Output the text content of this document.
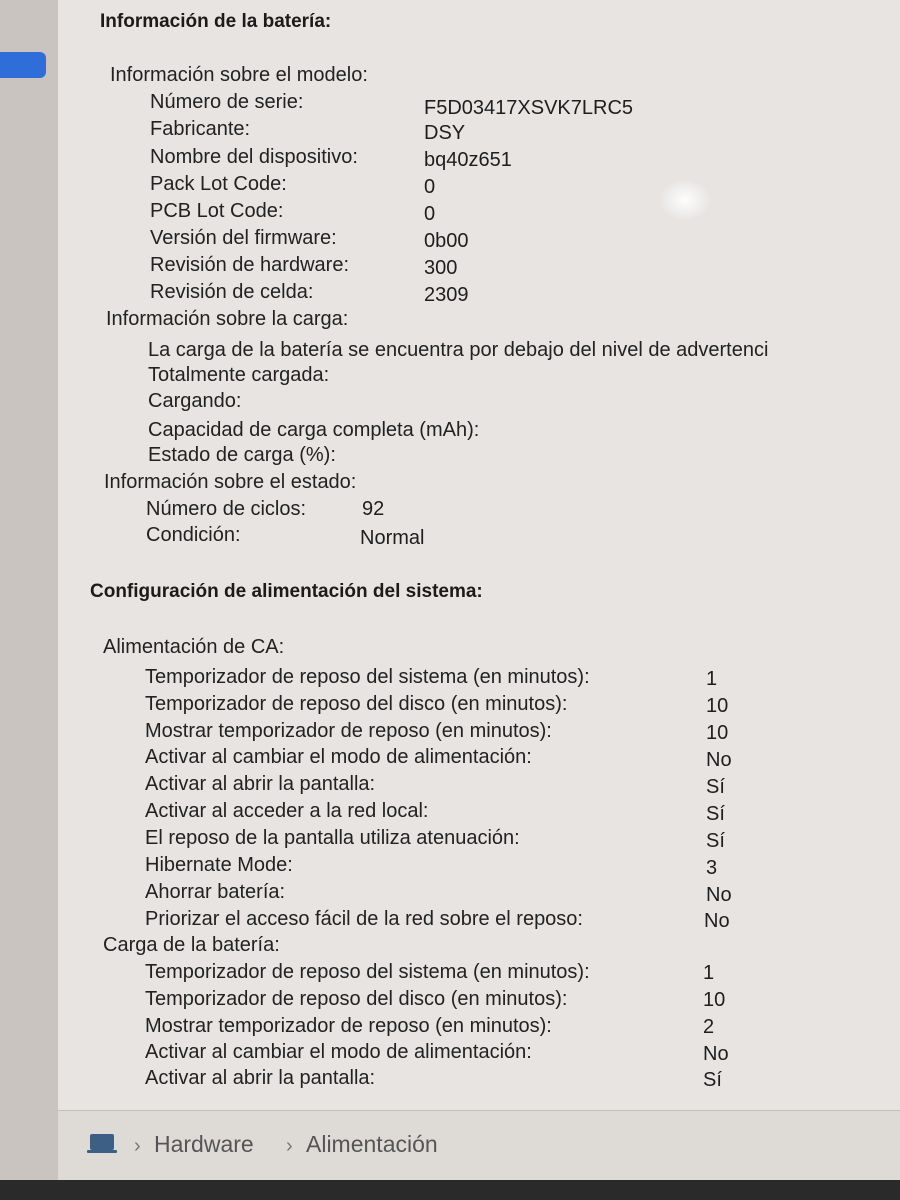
Información de la batería:
Información sobre el modelo:
Número de serie:	F5D03417XSVK7LRC5
Fabricante:	DSY
Nombre del dispositivo:	bq40z651
Pack Lot Code:	0
PCB Lot Code:	0
Versión del firmware:	0b00
Revisión de hardware:	300
Revisión de celda:	2309
Información sobre la carga:
La carga de la batería se encuentra por debajo del nivel de advertenci
Totalmente cargada:
Cargando:
Capacidad de carga completa (mAh):
Estado de carga (%):
Información sobre el estado:
Número de ciclos:	92
Condición:	Normal
Configuración de alimentación del sistema:
Alimentación de CA:
Temporizador de reposo del sistema (en minutos):	1
Temporizador de reposo del disco (en minutos):	10
Mostrar temporizador de reposo (en minutos):	10
Activar al cambiar el modo de alimentación:	No
Activar al abrir la pantalla:	Sí
Activar al acceder a la red local:	Sí
El reposo de la pantalla utiliza atenuación:	Sí
Hibernate Mode:	3
Ahorrar batería:	No
Priorizar el acceso fácil de la red sobre el reposo:	No
Carga de la batería:
Temporizador de reposo del sistema (en minutos):	1
Temporizador de reposo del disco (en minutos):	10
Mostrar temporizador de reposo (en minutos):	2
Activar al cambiar el modo de alimentación:	No
Activar al abrir la pantalla:	Sí
› Hardware › Alimentación
